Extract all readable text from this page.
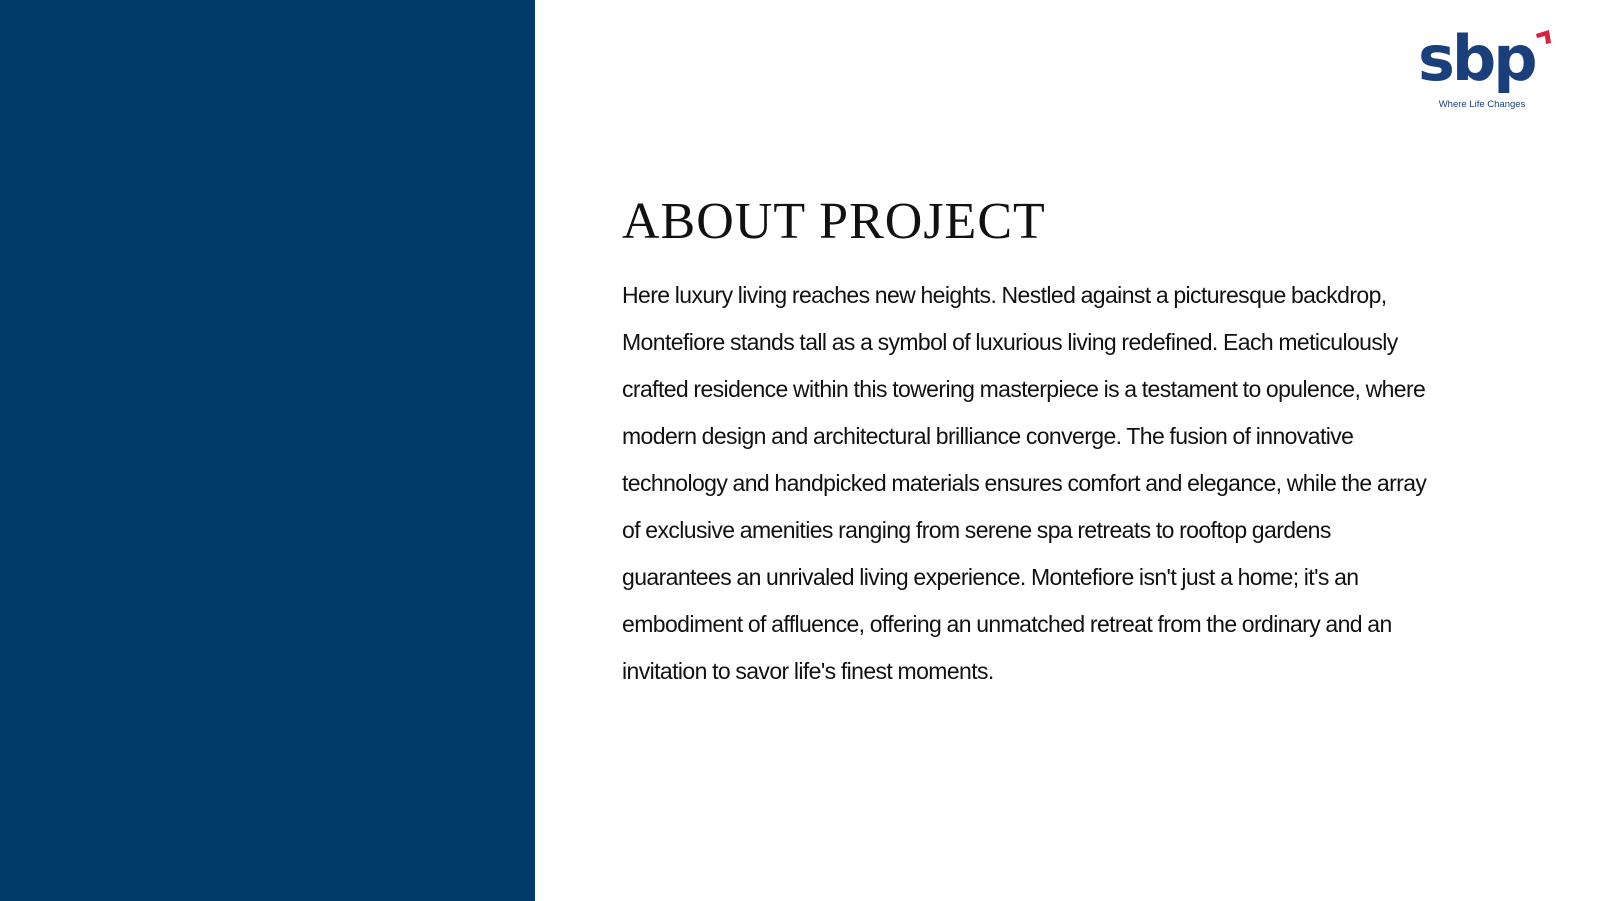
sbp
Where Life Changes
ABOUT PROJECT

Here luxury living reaches new heights. Nestled against a picturesque backdrop, Montefiore stands tall as a symbol of luxurious living redefined. Each meticulously crafted residence within this towering masterpiece is a testament to opulence, where modern design and architectural brilliance converge. The fusion of innovative technology and handpicked materials ensures comfort and elegance, while the array of exclusive amenities ranging from serene spa retreats to rooftop gardens guarantees an unrivaled living experience. Montefiore isn't just a home; it's an embodiment of affluence, offering an unmatched retreat from the ordinary and an invitation to savor life's finest moments.
